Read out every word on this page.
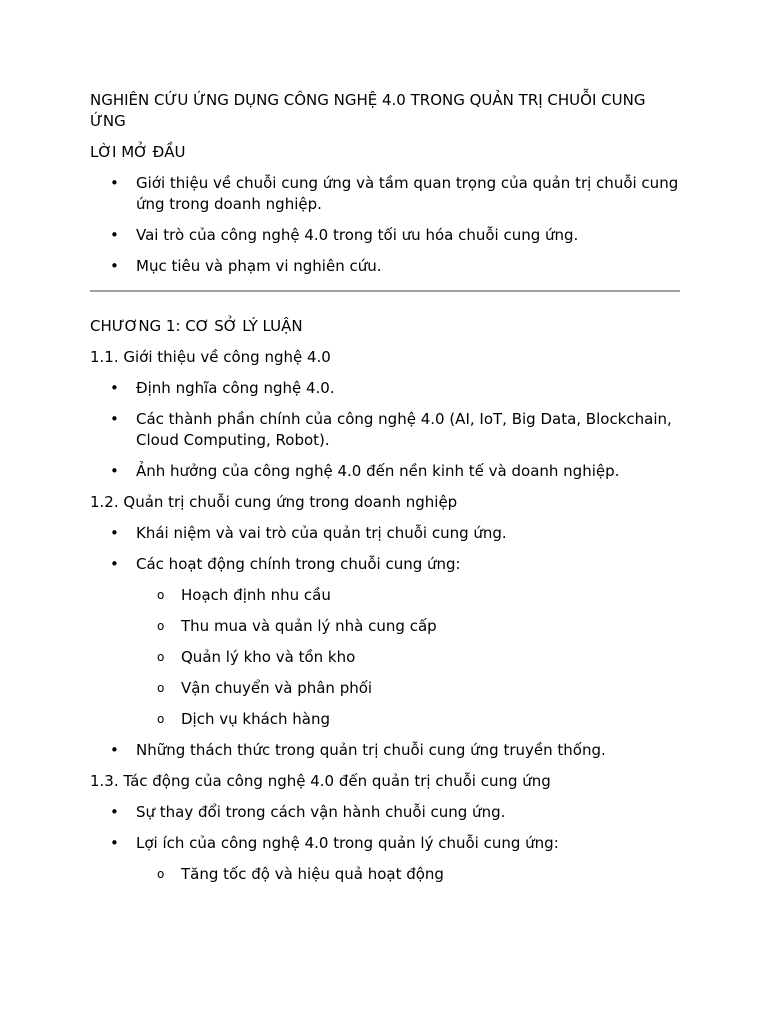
NGHIÊN CỨU ỨNG DỤNG CÔNG NGHỆ 4.0 TRONG QUẢN TRỊ CHUỖI CUNG ỨNG

LỜI MỞ ĐẦU

• Giới thiệu về chuỗi cung ứng và tầm quan trọng của quản trị chuỗi cung ứng trong doanh nghiệp.
• Vai trò của công nghệ 4.0 trong tối ưu hóa chuỗi cung ứng.
• Mục tiêu và phạm vi nghiên cứu.

CHƯƠNG 1: CƠ SỞ LÝ LUẬN

1.1. Giới thiệu về công nghệ 4.0

• Định nghĩa công nghệ 4.0.
• Các thành phần chính của công nghệ 4.0 (AI, IoT, Big Data, Blockchain, Cloud Computing, Robot).
• Ảnh hưởng của công nghệ 4.0 đến nền kinh tế và doanh nghiệp.

1.2. Quản trị chuỗi cung ứng trong doanh nghiệp

• Khái niệm và vai trò của quản trị chuỗi cung ứng.
• Các hoạt động chính trong chuỗi cung ứng:
o Hoạch định nhu cầu
o Thu mua và quản lý nhà cung cấp
o Quản lý kho và tồn kho
o Vận chuyển và phân phối
o Dịch vụ khách hàng
• Những thách thức trong quản trị chuỗi cung ứng truyền thống.

1.3. Tác động của công nghệ 4.0 đến quản trị chuỗi cung ứng

• Sự thay đổi trong cách vận hành chuỗi cung ứng.
• Lợi ích của công nghệ 4.0 trong quản lý chuỗi cung ứng:
o Tăng tốc độ và hiệu quả hoạt động
